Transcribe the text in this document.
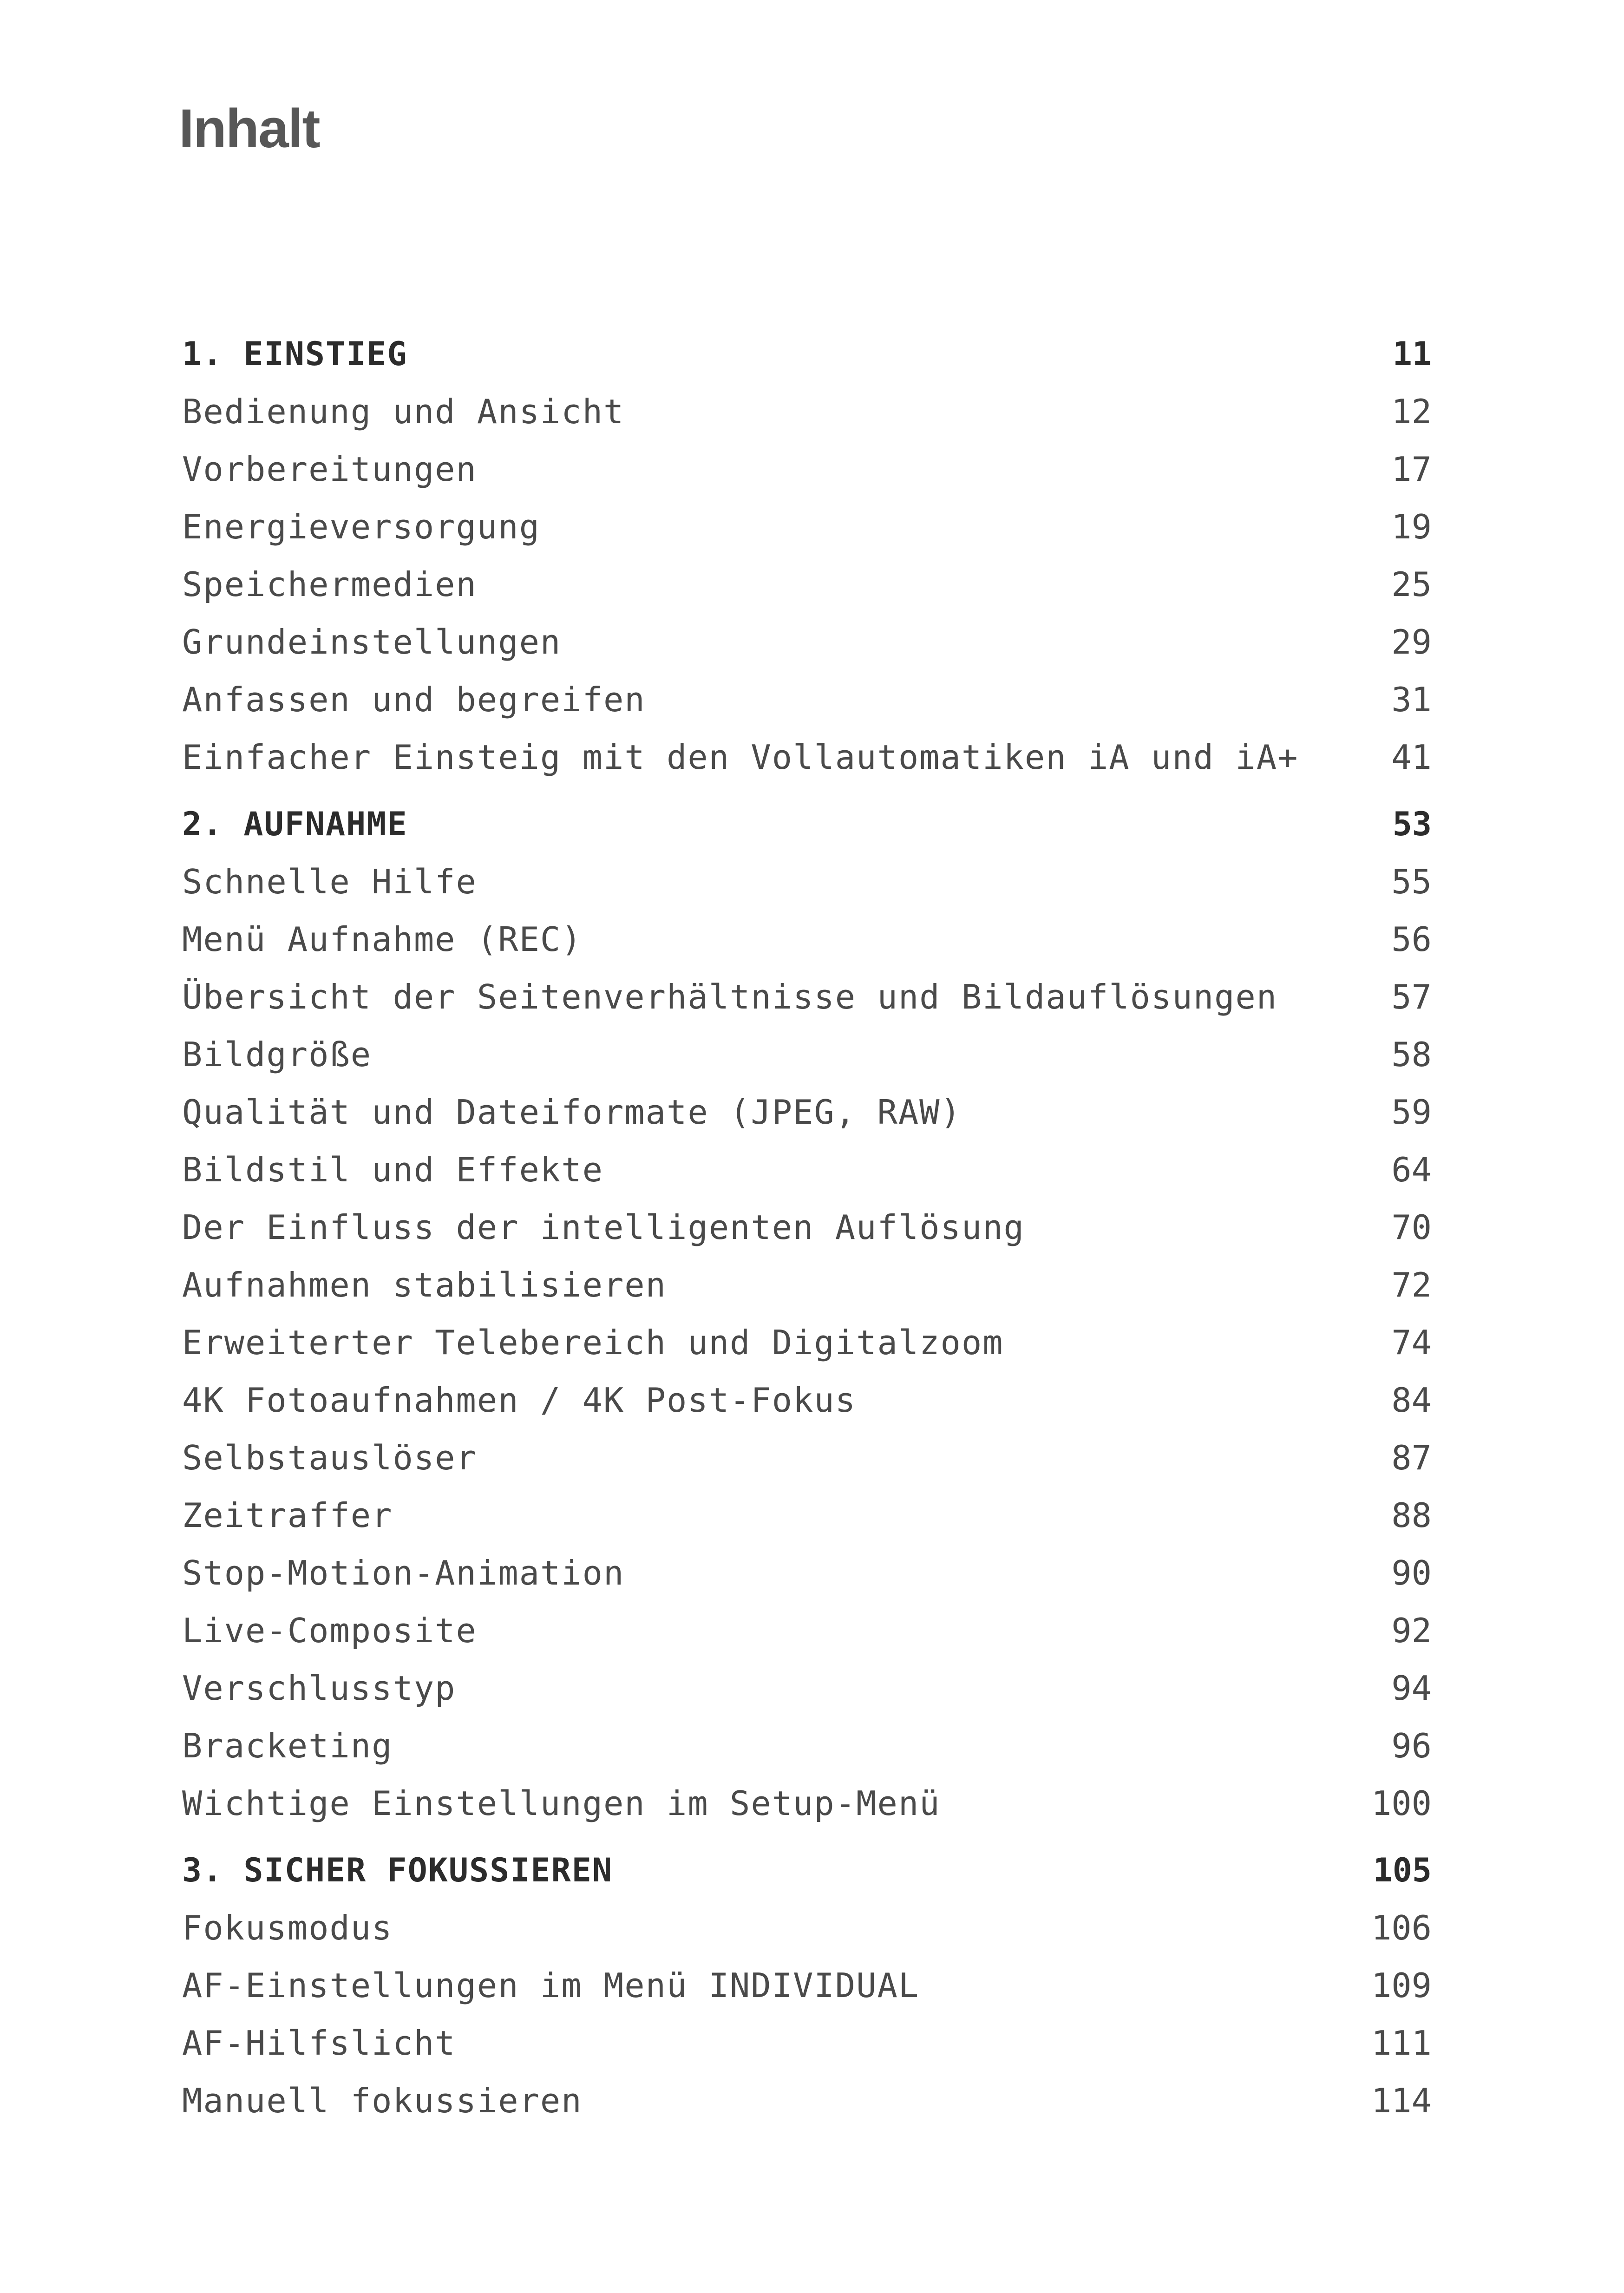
Inhalt
1. EINSTIEG	11
Bedienung und Ansicht	12
Vorbereitungen	17
Energieversorgung	19
Speichermedien	25
Grundeinstellungen	29
Anfassen und begreifen	31
Einfacher Einsteig mit den Vollautomatiken iA und iA+	41
2. AUFNAHME	53
Schnelle Hilfe	55
Menü Aufnahme (REC)	56
Übersicht der Seitenverhältnisse und Bildauflösungen	57
Bildgröße	58
Qualität und Dateiformate (JPEG, RAW)	59
Bildstil und Effekte	64
Der Einfluss der intelligenten Auflösung	70
Aufnahmen stabilisieren	72
Erweiterter Telebereich und Digitalzoom	74
4K Fotoaufnahmen / 4K Post-Fokus	84
Selbstauslöser	87
Zeitraffer	88
Stop-Motion-Animation	90
Live-Composite	92
Verschlusstyp	94
Bracketing	96
Wichtige Einstellungen im Setup-Menü	100
3. SICHER FOKUSSIEREN	105
Fokusmodus	106
AF-Einstellungen im Menü INDIVIDUAL	109
AF-Hilfslicht	111
Manuell fokussieren	114
